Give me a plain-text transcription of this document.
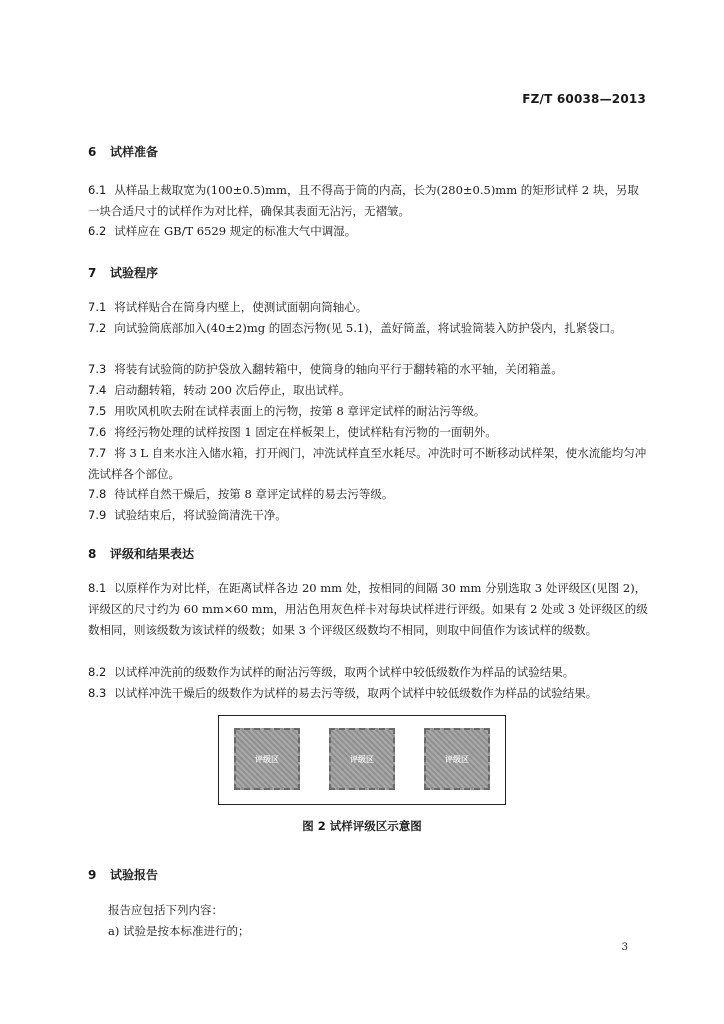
FZ/T 60038—2013
6 试样准备

6.1 从样品上裁取宽为(100±0.5)mm，且不得高于筒的内高，长为(280±0.5)mm 的矩形试样 2 块，另取一块合适尺寸的试样作为对比样，确保其表面无沾污，无褶皱。

6.2 试样应在 GB/T 6529 规定的标准大气中调湿。

7 试验程序

7.1 将试样贴合在筒身内壁上，使测试面朝向筒轴心。

7.2 向试验筒底部加入(40±2)mg 的固态污物(见 5.1)，盖好筒盖，将试验筒装入防护袋内，扎紧袋口。

7.3 将装有试验筒的防护袋放入翻转箱中，使筒身的轴向平行于翻转箱的水平轴，关闭箱盖。

7.4 启动翻转箱，转动 200 次后停止，取出试样。

7.5 用吹风机吹去附在试样表面上的污物，按第 8 章评定试样的耐沾污等级。

7.6 将经污物处理的试样按图 1 固定在样板架上，使试样粘有污物的一面朝外。

7.7 将 3 L 自来水注入储水箱，打开阀门，冲洗试样直至水耗尽。冲洗时可不断移动试样架，使水流能均匀冲洗试样各个部位。

7.8 待试样自然干燥后，按第 8 章评定试样的易去污等级。

7.9 试验结束后，将试验筒清洗干净。

8 评级和结果表达

8.1 以原样作为对比样，在距离试样各边 20 mm 处，按相同的间隔 30 mm 分别选取 3 处评级区(见图 2)，评级区的尺寸约为 60 mm×60 mm，用沾色用灰色样卡对每块试样进行评级。如果有 2 处或 3 处评级区的级数相同，则该级数为该试样的级数；如果 3 个评级区级数均不相同，则取中间值作为该试样的级数。

8.2 以试样冲洗前的级数作为试样的耐沾污等级，取两个试样中较低级数作为样品的试验结果。

8.3 以试样冲洗干燥后的级数作为试样的易去污等级，取两个试样中较低级数作为样品的试验结果。

评级区	评级区	评级区
图 2 试样评级区示意图
9 试验报告
报告应包括下列内容：
a) 试验是按本标准进行的；
3
